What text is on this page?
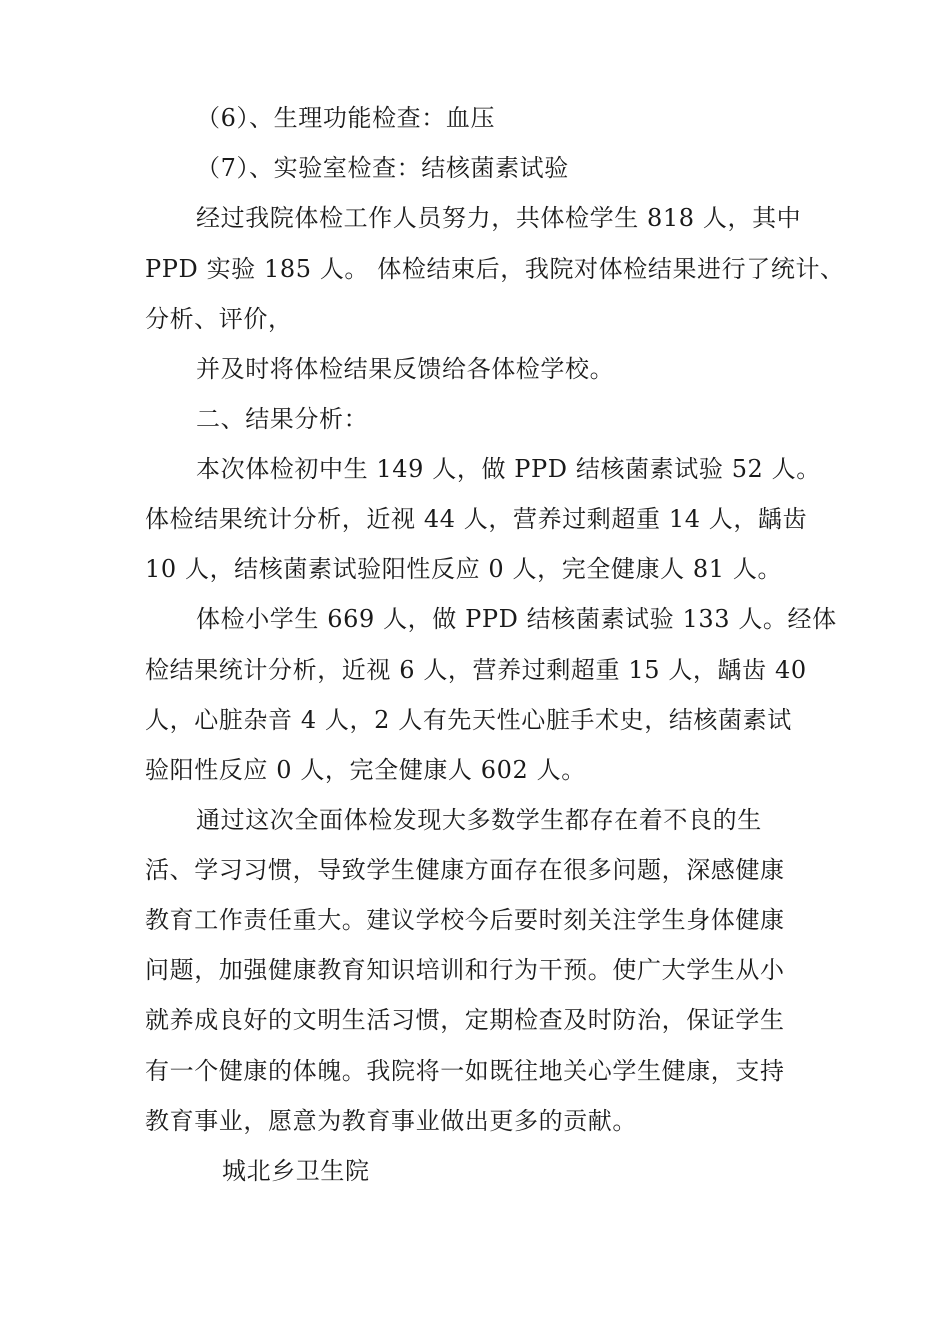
（6）、生理功能检查：血压
（7）、实验室检查：结核菌素试验
经过我院体检工作人员努力，共体检学生 818 人，其中
PPD 实验 185 人。 体检结束后，我院对体检结果进行了统计、
分析、评价，
并及时将体检结果反馈给各体检学校。
二、结果分析：
本次体检初中生 149 人，做 PPD 结核菌素试验 52 人。
体检结果统计分析，近视 44 人，营养过剩超重 14 人，龋齿
10 人，结核菌素试验阳性反应 0 人，完全健康人 81 人。
体检小学生 669 人，做 PPD 结核菌素试验 133 人。经体
检结果统计分析，近视 6 人，营养过剩超重 15 人，龋齿 40
人，心脏杂音 4 人，2 人有先天性心脏手术史，结核菌素试
验阳性反应 0 人，完全健康人 602 人。
通过这次全面体检发现大多数学生都存在着不良的生
活、学习习惯，导致学生健康方面存在很多问题，深感健康
教育工作责任重大。建议学校今后要时刻关注学生身体健康
问题，加强健康教育知识培训和行为干预。使广大学生从小
就养成良好的文明生活习惯，定期检查及时防治，保证学生
有一个健康的体魄。我院将一如既往地关心学生健康，支持
教育事业，愿意为教育事业做出更多的贡献。
城北乡卫生院
